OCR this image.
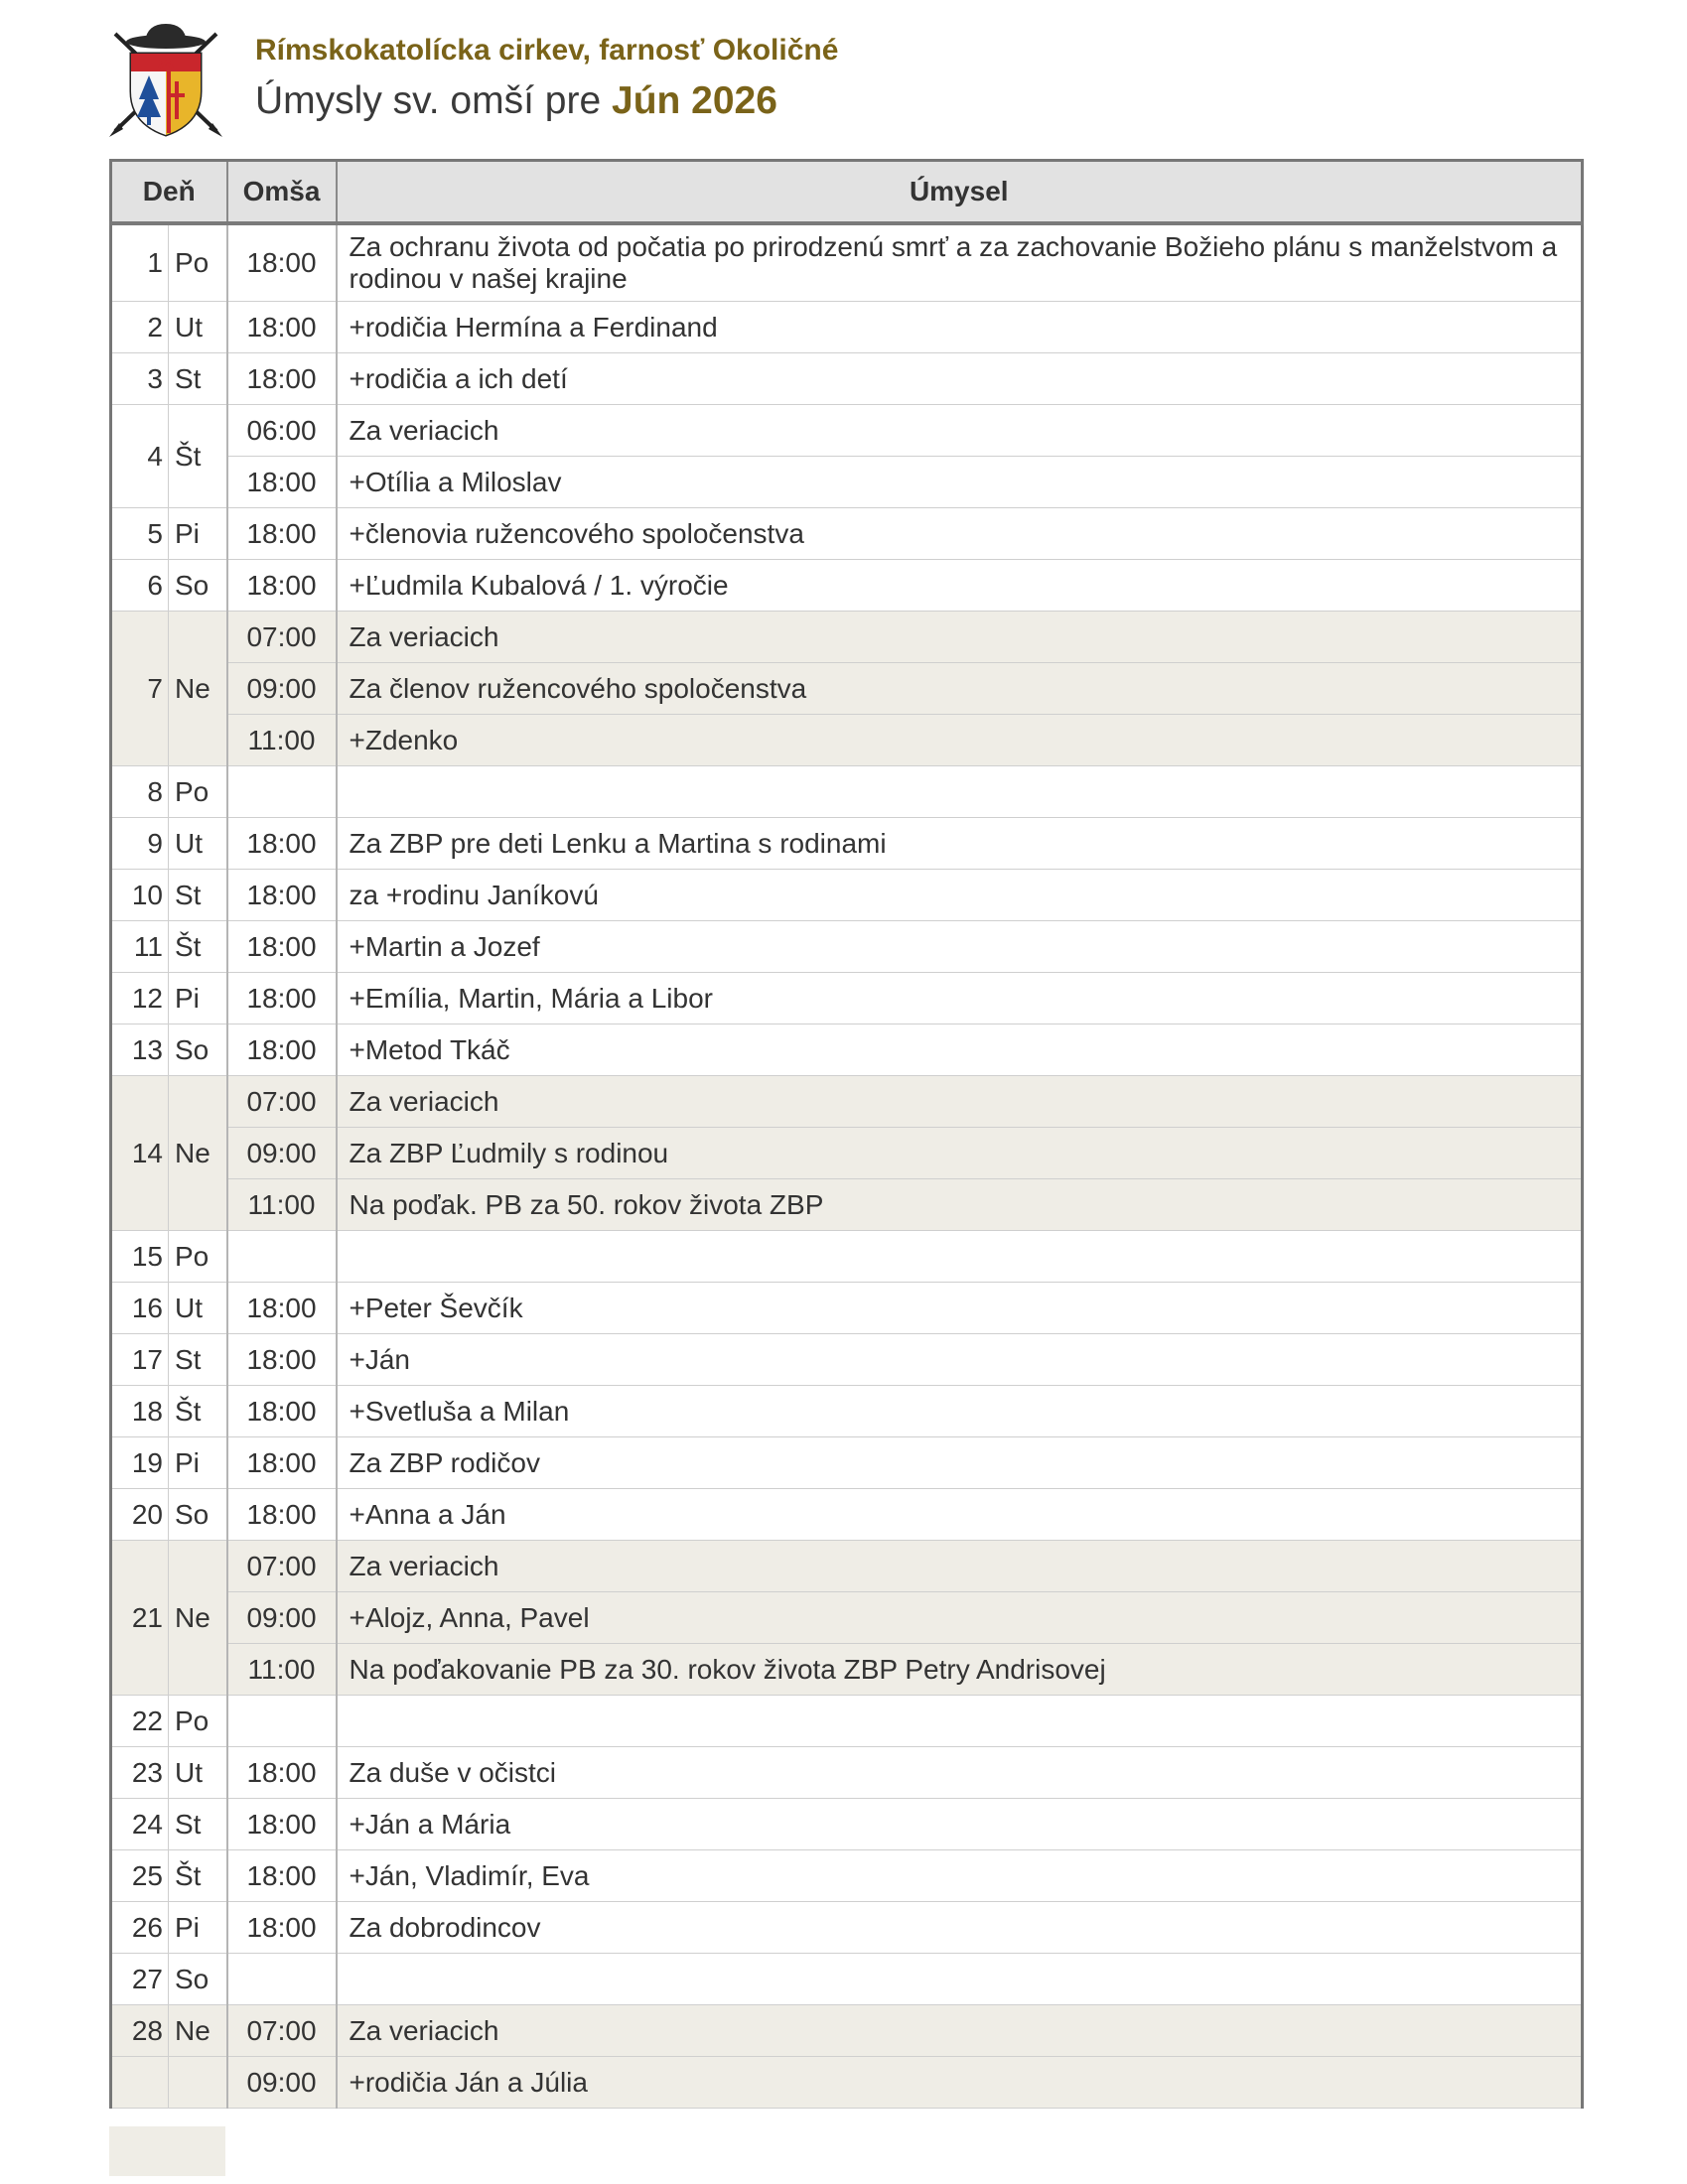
Rímskokatolícka cirkev, farnosť Okoličné
Úmysly sv. omší pre Jún 2026
Deň		Omša	Úmysel
1	Po	18:00	Za ochranu života od počatia po prirodzenú smrť a za zachovanie Božieho plánu s manželstvom a rodinou v našej krajine
2	Ut	18:00	+rodičia Hermína a Ferdinand
3	St	18:00	+rodičia a ich detí
4	Št	06:00	Za veriacich
		18:00	+Otília a Miloslav
5	Pi	18:00	+členovia ružencového spoločenstva
6	So	18:00	+Ľudmila Kubalová / 1. výročie
7	Ne	07:00	Za veriacich
		09:00	Za členov ružencového spoločenstva
		11:00	+Zdenko
8	Po		
9	Ut	18:00	Za ZBP pre deti Lenku a Martina s rodinami
10	St	18:00	za +rodinu Janíkovú
11	Št	18:00	+Martin a Jozef
12	Pi	18:00	+Emília, Martin, Mária a Libor
13	So	18:00	+Metod Tkáč
14	Ne	07:00	Za veriacich
		09:00	Za ZBP Ľudmily s rodinou
		11:00	Na poďak. PB za 50. rokov života ZBP
15	Po		
16	Ut	18:00	+Peter Ševčík
17	St	18:00	+Ján
18	Št	18:00	+Svetluša a Milan
19	Pi	18:00	Za ZBP rodičov
20	So	18:00	+Anna a Ján
21	Ne	07:00	Za veriacich
		09:00	+Alojz, Anna, Pavel
		11:00	Na poďakovanie PB za 30. rokov života ZBP Petry Andrisovej
22	Po		
23	Ut	18:00	Za duše v očistci
24	St	18:00	+Ján a Mária
25	Št	18:00	+Ján, Vladimír, Eva
26	Pi	18:00	Za dobrodincov
27	So		
28	Ne	07:00	Za veriacich
		09:00	+rodičia Ján a Júlia
